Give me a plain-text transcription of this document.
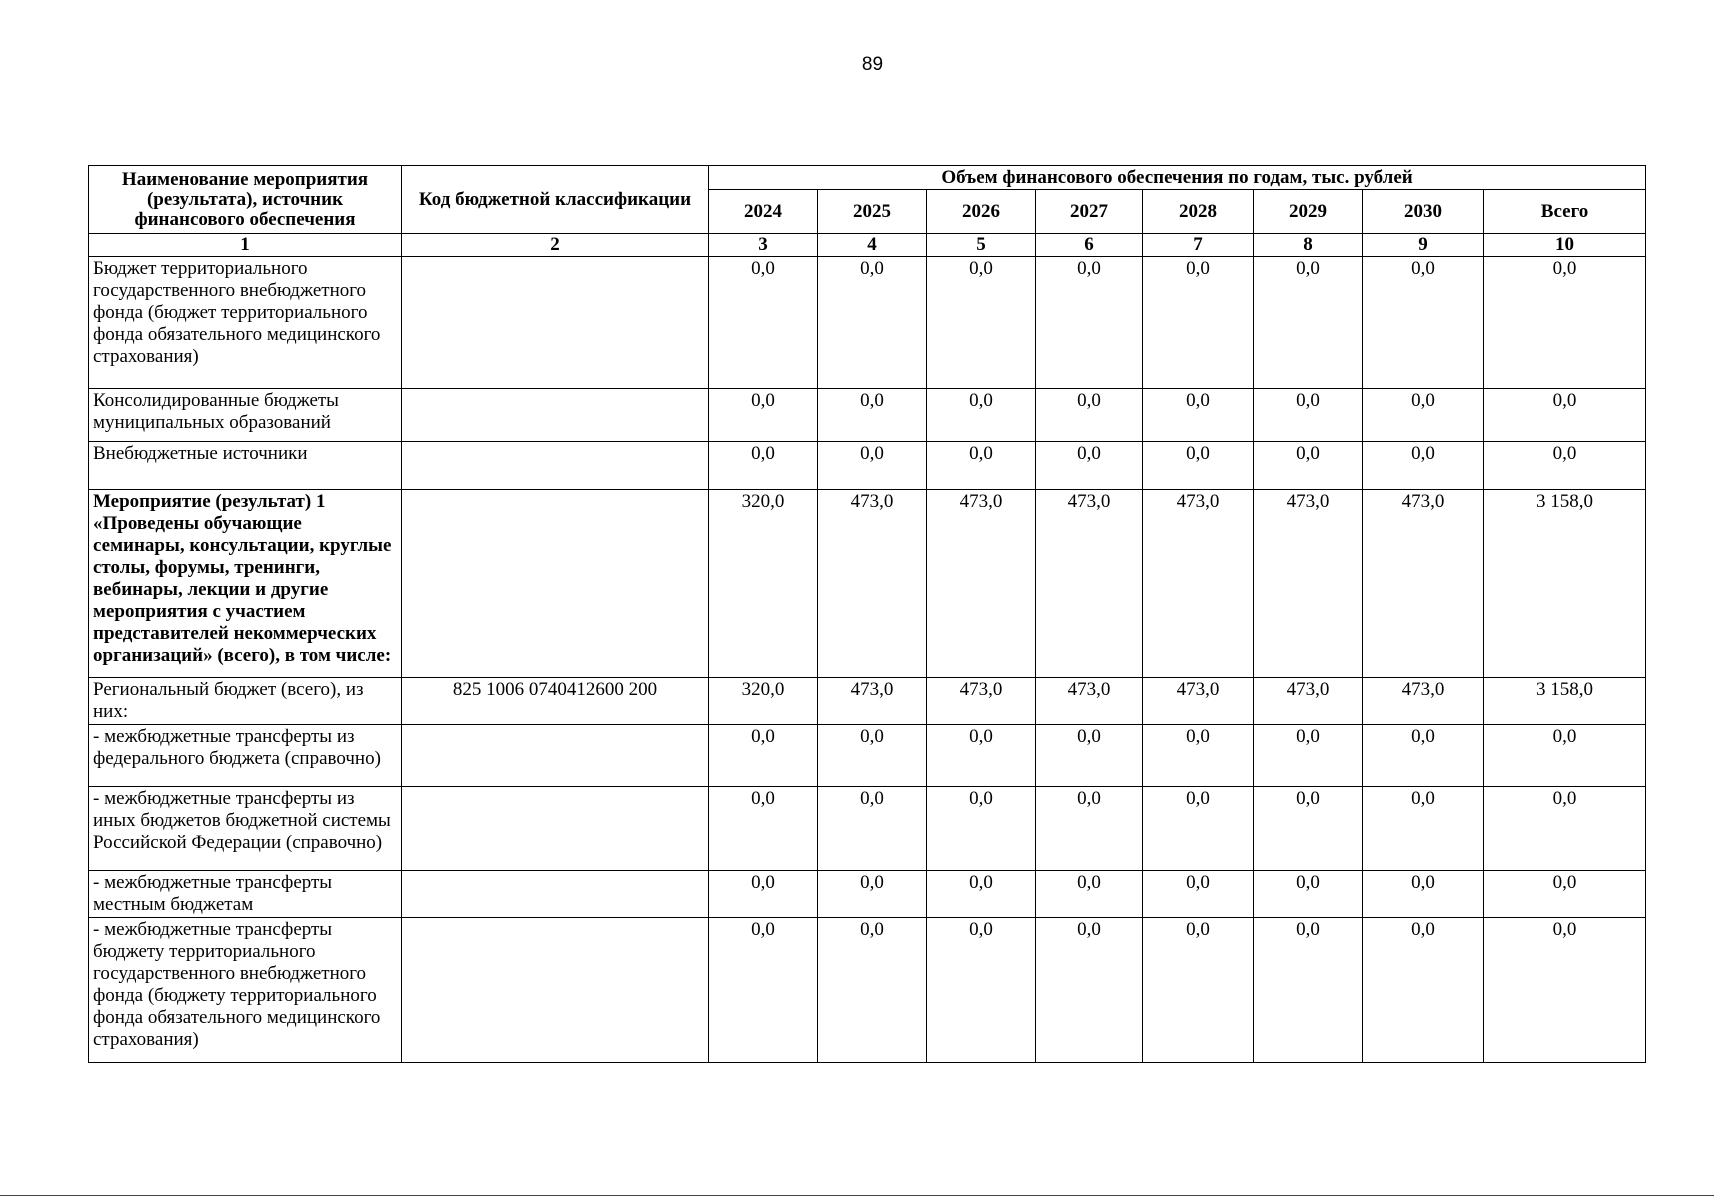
89
Наименование мероприятия (результата), источник финансового обеспечения	Код бюджетной классификации	Объем финансового обеспечения по годам, тыс. рублей							
		2024	2025	2026	2027	2028	2029	2030	Всего
1	2	3	4	5	6	7	8	9	10
Бюджет территориального государственного внебюджетного фонда (бюджет территориального фонда обязательного медицинского страхования)		0,0	0,0	0,0	0,0	0,0	0,0	0,0	0,0
Консолидированные бюджеты муниципальных образований		0,0	0,0	0,0	0,0	0,0	0,0	0,0	0,0
Внебюджетные источники		0,0	0,0	0,0	0,0	0,0	0,0	0,0	0,0
Мероприятие (результат) 1 «Проведены обучающие семинары, консультации, круглые столы, форумы, тренинги, вебинары, лекции и другие мероприятия с участием представителей некоммерческих организаций» (всего), в том числе:		320,0	473,0	473,0	473,0	473,0	473,0	473,0	3 158,0
Региональный бюджет (всего), из них:	825 1006 0740412600 200	320,0	473,0	473,0	473,0	473,0	473,0	473,0	3 158,0
- межбюджетные трансферты из федерального бюджета (справочно)		0,0	0,0	0,0	0,0	0,0	0,0	0,0	0,0
- межбюджетные трансферты из иных бюджетов бюджетной системы Российской Федерации (справочно)		0,0	0,0	0,0	0,0	0,0	0,0	0,0	0,0
- межбюджетные трансферты местным бюджетам		0,0	0,0	0,0	0,0	0,0	0,0	0,0	0,0
- межбюджетные трансферты бюджету территориального государственного внебюджетного фонда (бюджету территориального фонда обязательного медицинского страхования)		0,0	0,0	0,0	0,0	0,0	0,0	0,0	0,0
